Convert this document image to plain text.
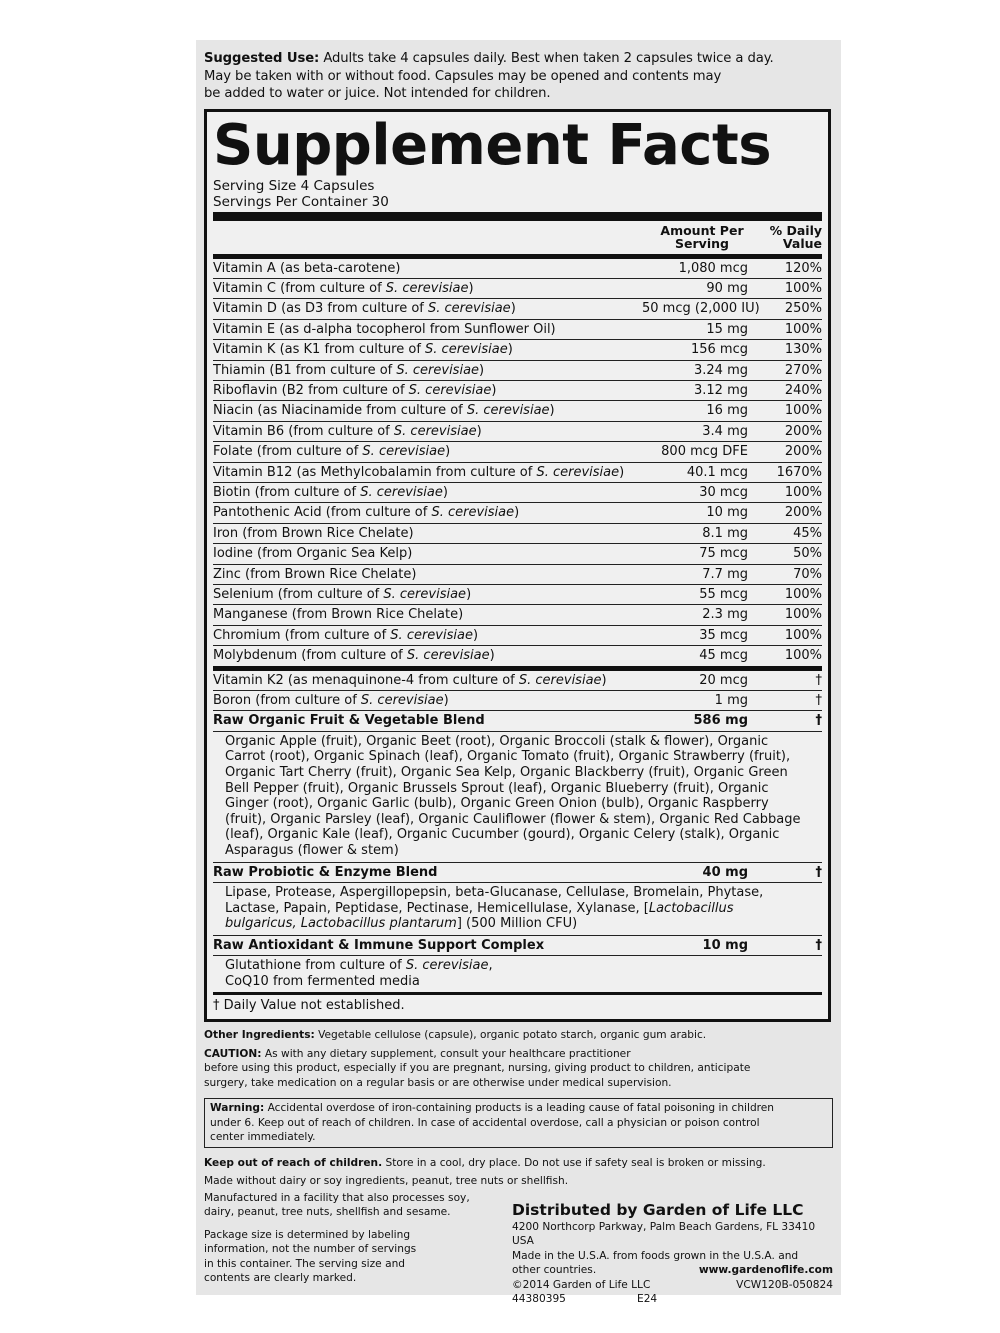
Suggested Use: Adults take 4 capsules daily. Best when taken 2 capsules twice a day.
May be taken with or without food. Capsules may be opened and contents may
be added to water or juice. Not intended for children.
Supplement Facts
Serving Size 4 Capsules
Servings Per Container 30
Amount Per
Serving
% Daily
Value
Vitamin A (as beta-carotene)	1,080 mcg	120%
Vitamin C (from culture of S. cerevisiae)	90 mg	100%
Vitamin D (as D3 from culture of S. cerevisiae)	50 mcg (2,000 IU)	250%
Vitamin E (as d-alpha tocopherol from Sunflower Oil)	15 mg	100%
Vitamin K (as K1 from culture of S. cerevisiae)	156 mcg	130%
Thiamin (B1 from culture of S. cerevisiae)	3.24 mg	270%
Riboflavin (B2 from culture of S. cerevisiae)	3.12 mg	240%
Niacin (as Niacinamide from culture of S. cerevisiae)	16 mg	100%
Vitamin B6 (from culture of S. cerevisiae)	3.4 mg	200%
Folate (from culture of S. cerevisiae)	800 mcg DFE	200%
Vitamin B12 (as Methylcobalamin from culture of S. cerevisiae)	40.1 mcg	1670%
Biotin (from culture of S. cerevisiae)	30 mcg	100%
Pantothenic Acid (from culture of S. cerevisiae)	10 mg	200%
Iron (from Brown Rice Chelate)	8.1 mg	45%
Iodine (from Organic Sea Kelp)	75 mcg	50%
Zinc (from Brown Rice Chelate)	7.7 mg	70%
Selenium (from culture of S. cerevisiae)	55 mcg	100%
Manganese (from Brown Rice Chelate)	2.3 mg	100%
Chromium (from culture of S. cerevisiae)	35 mcg	100%
Molybdenum (from culture of S. cerevisiae)	45 mcg	100%
Vitamin K2 (as menaquinone-4 from culture of S. cerevisiae)	20 mcg	†
Boron (from culture of S. cerevisiae)	1 mg	†
Raw Organic Fruit & Vegetable Blend	586 mg	†
Organic Apple (fruit), Organic Beet (root), Organic Broccoli (stalk & flower), Organic
Carrot (root), Organic Spinach (leaf), Organic Tomato (fruit), Organic Strawberry (fruit),
Organic Tart Cherry (fruit), Organic Sea Kelp, Organic Blackberry (fruit), Organic Green
Bell Pepper (fruit), Organic Brussels Sprout (leaf), Organic Blueberry (fruit), Organic
Ginger (root), Organic Garlic (bulb), Organic Green Onion (bulb), Organic Raspberry
(fruit), Organic Parsley (leaf), Organic Cauliflower (flower & stem), Organic Red Cabbage
(leaf), Organic Kale (leaf), Organic Cucumber (gourd), Organic Celery (stalk), Organic
Asparagus (flower & stem)
Raw Probiotic & Enzyme Blend	40 mg	†
Lipase, Protease, Aspergillopepsin, beta-Glucanase, Cellulase, Bromelain, Phytase,
Lactase, Papain, Peptidase, Pectinase, Hemicellulase, Xylanase, [Lactobacillus
bulgaricus, Lactobacillus plantarum] (500 Million CFU)
Raw Antioxidant & Immune Support Complex	10 mg	†
Glutathione from culture of S. cerevisiae,
CoQ10 from fermented media
† Daily Value not established.
Other Ingredients: Vegetable cellulose (capsule), organic potato starch, organic gum arabic.
CAUTION: As with any dietary supplement, consult your healthcare practitioner
before using this product, especially if you are pregnant, nursing, giving product to children, anticipate
surgery, take medication on a regular basis or are otherwise under medical supervision.
Warning: Accidental overdose of iron-containing products is a leading cause of fatal poisoning in children
under 6. Keep out of reach of children. In case of accidental overdose, call a physician or poison control
center immediately.
Keep out of reach of children. Store in a cool, dry place. Do not use if safety seal is broken or missing.
Made without dairy or soy ingredients, peanut, tree nuts or shellfish.
Manufactured in a facility that also processes soy,
dairy, peanut, tree nuts, shellfish and sesame.
Package size is determined by labeling
information, not the number of servings
in this container. The serving size and
contents are clearly marked.
Distributed by Garden of Life LLC
4200 Northcorp Parkway, Palm Beach Gardens, FL 33410 USA
Made in the U.S.A. from foods grown in the U.S.A. and
other countries.	www.gardenoflife.com
©2014 Garden of Life LLC	VCW120B-050824
44380395	E24
